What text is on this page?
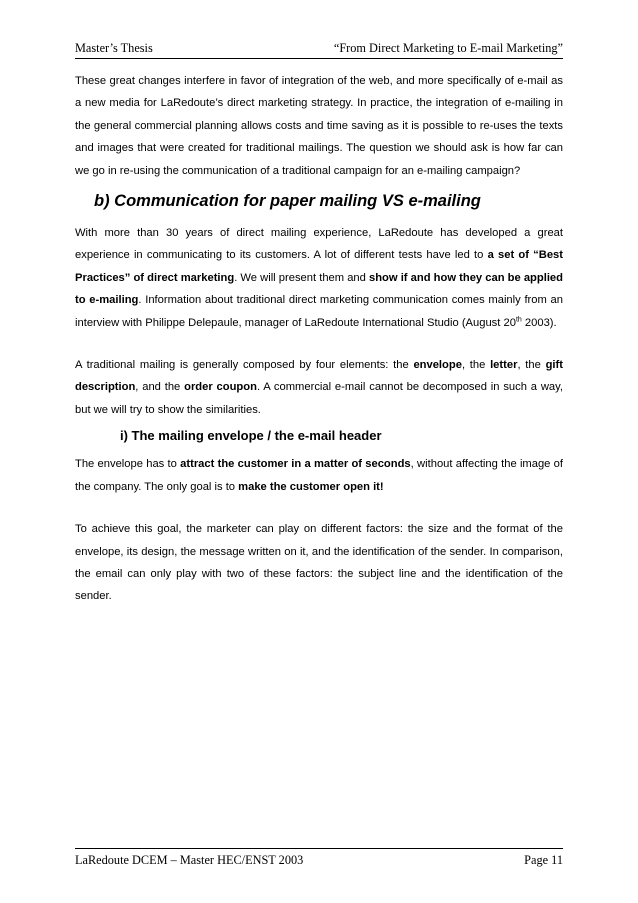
Master’s Thesis	“From Direct Marketing to E-mail Marketing”

These great changes interfere in favor of integration of the web, and more specifically of e-mail as a new media for LaRedoute’s direct marketing strategy. In practice, the integration of e-mailing in the general commercial planning allows costs and time saving as it is possible to re-uses the texts and images that were created for traditional mailings. The question we should ask is how far can we go in re-using the communication of a traditional campaign for an e-mailing campaign?

b) Communication for paper mailing VS e-mailing

With more than 30 years of direct mailing experience, LaRedoute has developed a great experience in communicating to its customers. A lot of different tests have led to a set of “Best Practices” of direct marketing. We will present them and show if and how they can be applied to e-mailing. Information about traditional direct marketing communication comes mainly from an interview with Philippe Delepaule, manager of LaRedoute International Studio (August 20th 2003).

A traditional mailing is generally composed by four elements: the envelope, the letter, the gift description, and the order coupon. A commercial e-mail cannot be decomposed in such a way, but we will try to show the similarities.

i) The mailing envelope / the e-mail header

The envelope has to attract the customer in a matter of seconds, without affecting the image of the company. The only goal is to make the customer open it!

To achieve this goal, the marketer can play on different factors: the size and the format of the envelope, its design, the message written on it, and the identification of the sender. In comparison, the email can only play with two of these factors: the subject line and the identification of the sender.

LaRedoute DCEM – Master HEC/ENST 2003	Page 11
